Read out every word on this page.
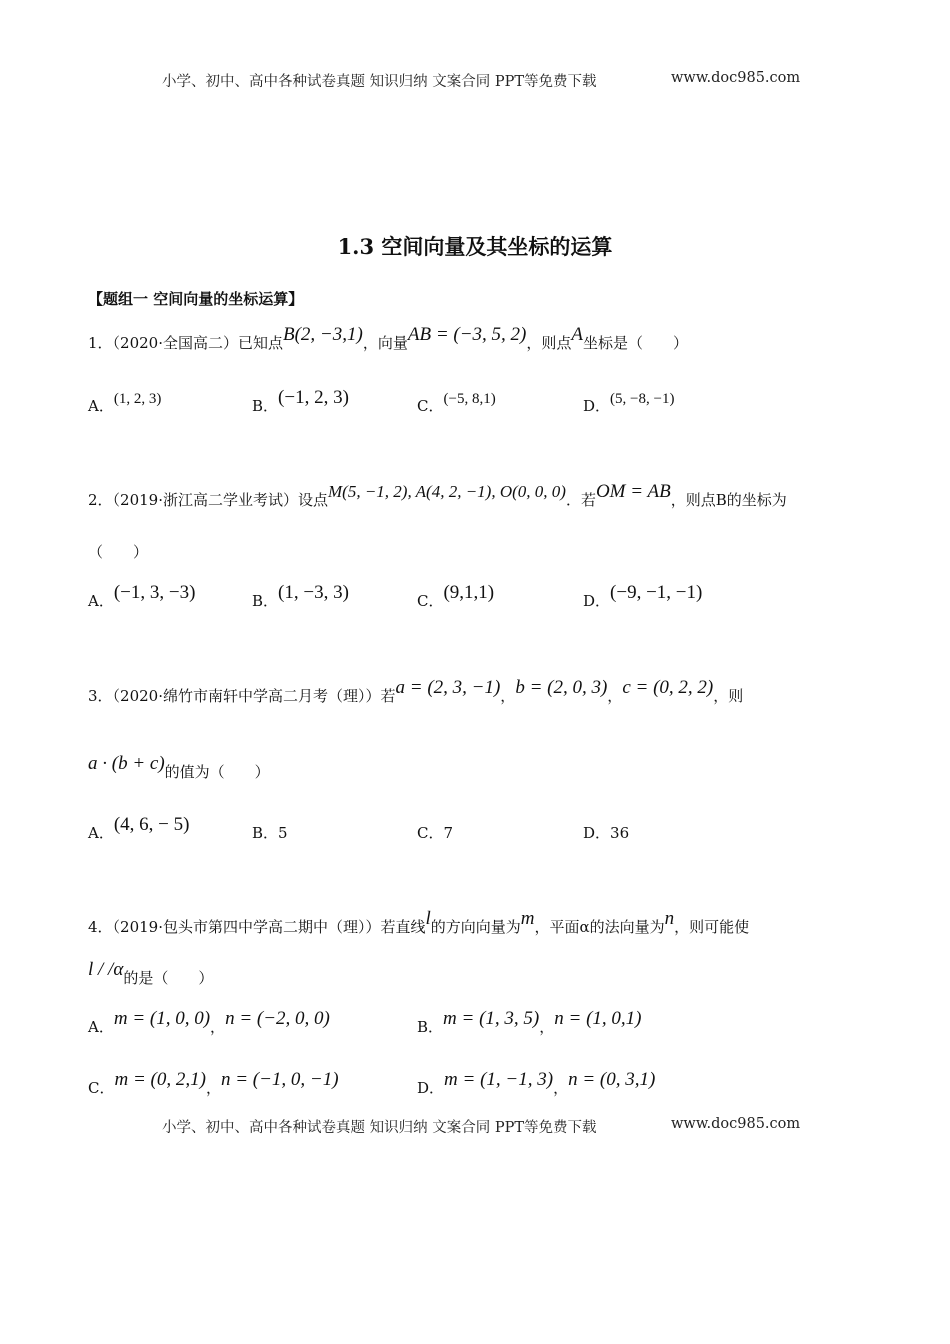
小学、初中、高中各种试卷真题 知识归纳 文案合同 PPT等免费下载	www.doc985.com
1.3 空间向量及其坐标的运算
【题组一 空间向量的坐标运算】
1．（2020·全国高二）已知点B(2, −3,1)，向量AB = (−3, 5, 2)，则点A坐标是（　　）
A．(1, 2, 3)	B．(−1, 2, 3)	C．(−5, 8,1)	D．(5, −8, −1)
2．（2019·浙江高二学业考试）设点M(5, −1, 2), A(4, 2, −1), O(0, 0, 0)．若OM = AB，则点B的坐标为
（　　）
A．(−1, 3, −3)	B．(1, −3, 3)	C．(9,1,1)	D．(−9, −1, −1)
3．（2020·绵竹市南轩中学高二月考（理））若a = (2, 3, −1)，b = (2, 0, 3)，c = (0, 2, 2)，则
a · (b + c)的值为（　　）
A．(4, 6, − 5)	B．5	C．7	D．36
4．（2019·包头市第四中学高二期中（理））若直线l的方向向量为m，平面α的法向量为n，则可能使
l / /α的是（　　）
A．m = (1, 0, 0)，n = (−2, 0, 0)	B．m = (1, 3, 5)，n = (1, 0,1)
C．m = (0, 2,1)，n = (−1, 0, −1)	D．m = (1, −1, 3)，n = (0, 3,1)
小学、初中、高中各种试卷真题 知识归纳 文案合同 PPT等免费下载	www.doc985.com
